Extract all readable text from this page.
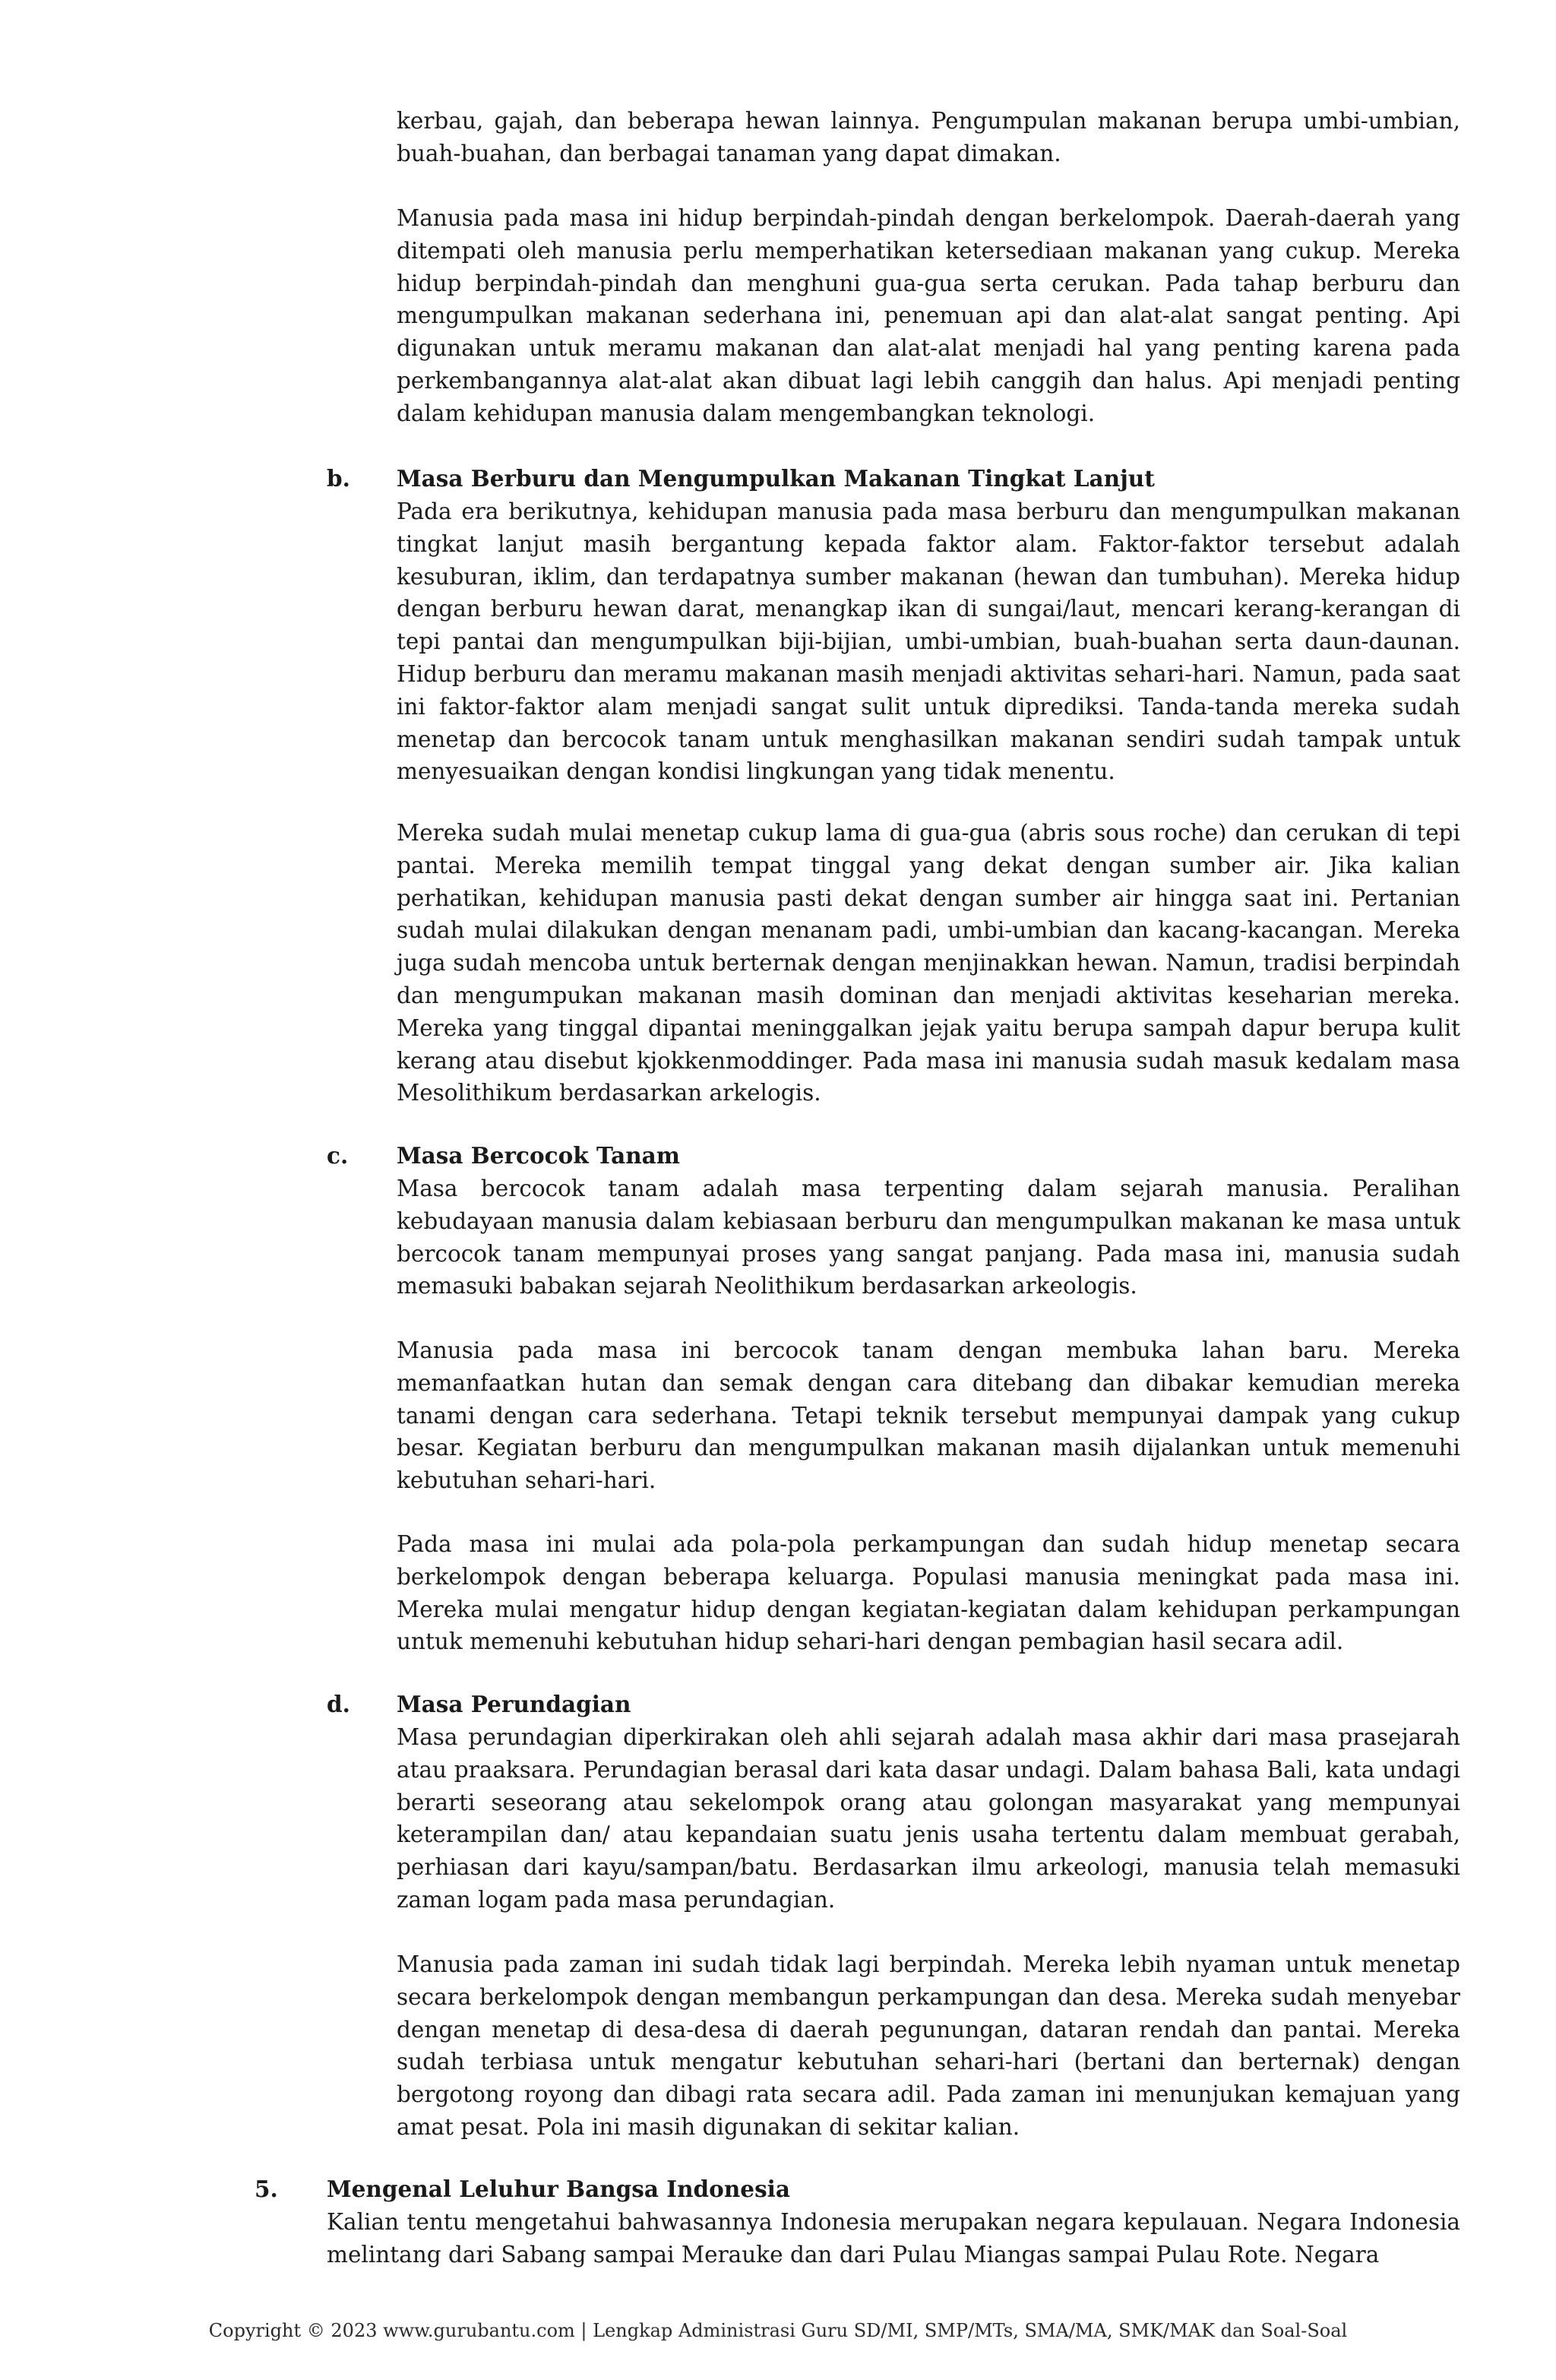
kerbau, gajah, dan beberapa hewan lainnya. Pengumpulan makanan berupa umbi-umbian, buah-buahan, dan berbagai tanaman yang dapat dimakan.

Manusia pada masa ini hidup berpindah-pindah dengan berkelompok. Daerah-daerah yang ditempati oleh manusia perlu memperhatikan ketersediaan makanan yang cukup. Mereka hidup berpindah-pindah dan menghuni gua-gua serta cerukan. Pada tahap berburu dan mengumpulkan makanan sederhana ini, penemuan api dan alat-alat sangat penting. Api digunakan untuk meramu makanan dan alat-alat menjadi hal yang penting karena pada perkembangannya alat-alat akan dibuat lagi lebih canggih dan halus. Api menjadi penting dalam kehidupan manusia dalam mengembangkan teknologi.

b. Masa Berburu dan Mengumpulkan Makanan Tingkat Lanjut

Pada era berikutnya, kehidupan manusia pada masa berburu dan mengumpulkan makanan tingkat lanjut masih bergantung kepada faktor alam. Faktor-faktor tersebut adalah kesuburan, iklim, dan terdapatnya sumber makanan (hewan dan tumbuhan). Mereka hidup dengan berburu hewan darat, menangkap ikan di sungai/laut, mencari kerang-kerangan di tepi pantai dan mengumpulkan biji-bijian, umbi-umbian, buah-buahan serta daun-daunan. Hidup berburu dan meramu makanan masih menjadi aktivitas sehari-hari. Namun, pada saat ini faktor-faktor alam menjadi sangat sulit untuk diprediksi. Tanda-tanda mereka sudah menetap dan bercocok tanam untuk menghasilkan makanan sendiri sudah tampak untuk menyesuaikan dengan kondisi lingkungan yang tidak menentu.

Mereka sudah mulai menetap cukup lama di gua-gua (abris sous roche) dan cerukan di tepi pantai. Mereka memilih tempat tinggal yang dekat dengan sumber air. Jika kalian perhatikan, kehidupan manusia pasti dekat dengan sumber air hingga saat ini. Pertanian sudah mulai dilakukan dengan menanam padi, umbi-umbian dan kacang-kacangan. Mereka juga sudah mencoba untuk berternak dengan menjinakkan hewan. Namun, tradisi berpindah dan mengumpukan makanan masih dominan dan menjadi aktivitas keseharian mereka. Mereka yang tinggal dipantai meninggalkan jejak yaitu berupa sampah dapur berupa kulit kerang atau disebut kjokkenmoddinger. Pada masa ini manusia sudah masuk kedalam masa Mesolithikum berdasarkan arkelogis.

c. Masa Bercocok Tanam

Masa bercocok tanam adalah masa terpenting dalam sejarah manusia. Peralihan kebudayaan manusia dalam kebiasaan berburu dan mengumpulkan makanan ke masa untuk bercocok tanam mempunyai proses yang sangat panjang. Pada masa ini, manusia sudah memasuki babakan sejarah Neolithikum berdasarkan arkeologis.

Manusia pada masa ini bercocok tanam dengan membuka lahan baru. Mereka memanfaatkan hutan dan semak dengan cara ditebang dan dibakar kemudian mereka tanami dengan cara sederhana. Tetapi teknik tersebut mempunyai dampak yang cukup besar. Kegiatan berburu dan mengumpulkan makanan masih dijalankan untuk memenuhi kebutuhan sehari-hari.

Pada masa ini mulai ada pola-pola perkampungan dan sudah hidup menetap secara berkelompok dengan beberapa keluarga. Populasi manusia meningkat pada masa ini. Mereka mulai mengatur hidup dengan kegiatan-kegiatan dalam kehidupan perkampungan untuk memenuhi kebutuhan hidup sehari-hari dengan pembagian hasil secara adil.

d. Masa Perundagian

Masa perundagian diperkirakan oleh ahli sejarah adalah masa akhir dari masa prasejarah atau praaksara. Perundagian berasal dari kata dasar undagi. Dalam bahasa Bali, kata undagi berarti seseorang atau sekelompok orang atau golongan masyarakat yang mempunyai keterampilan dan/ atau kepandaian suatu jenis usaha tertentu dalam membuat gerabah, perhiasan dari kayu/sampan/batu. Berdasarkan ilmu arkeologi, manusia telah memasuki zaman logam pada masa perundagian.

Manusia pada zaman ini sudah tidak lagi berpindah. Mereka lebih nyaman untuk menetap secara berkelompok dengan membangun perkampungan dan desa. Mereka sudah menyebar dengan menetap di desa-desa di daerah pegunungan, dataran rendah dan pantai. Mereka sudah terbiasa untuk mengatur kebutuhan sehari-hari (bertani dan berternak) dengan bergotong royong dan dibagi rata secara adil. Pada zaman ini menunjukan kemajuan yang amat pesat. Pola ini masih digunakan di sekitar kalian.

5. Mengenal Leluhur Bangsa Indonesia

Kalian tentu mengetahui bahwasannya Indonesia merupakan negara kepulauan. Negara Indonesia melintang dari Sabang sampai Merauke dan dari Pulau Miangas sampai Pulau Rote. Negara

Copyright © 2023 www.gurubantu.com | Lengkap Administrasi Guru SD/MI, SMP/MTs, SMA/MA, SMK/MAK dan Soal-Soal
